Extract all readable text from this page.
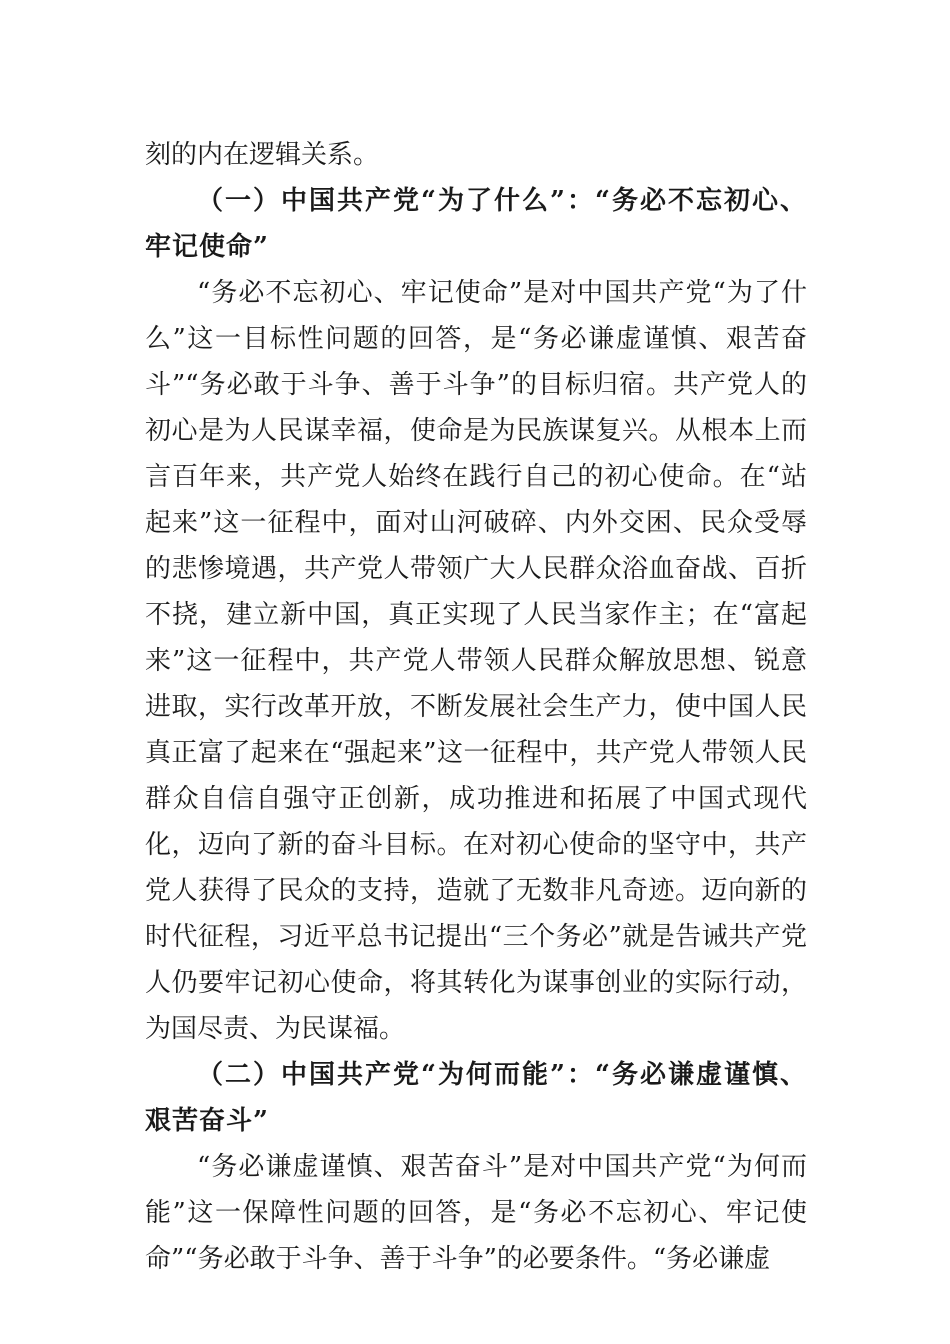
刻的内在逻辑关系。

（一）中国共产党“为了什么”：“务必不忘初心、牢记使命”

“务必不忘初心、牢记使命”是对中国共产党“为了什么”这一目标性问题的回答，是“务必谦虚谨慎、艰苦奋斗”“务必敢于斗争、善于斗争”的目标归宿。共产党人的初心是为人民谋幸福，使命是为民族谋复兴。从根本上而言百年来，共产党人始终在践行自己的初心使命。在“站起来”这一征程中，面对山河破碎、内外交困、民众受辱的悲惨境遇，共产党人带领广大人民群众浴血奋战、百折不挠，建立新中国，真正实现了人民当家作主；在“富起来”这一征程中，共产党人带领人民群众解放思想、锐意进取，实行改革开放，不断发展社会生产力，使中国人民真正富了起来在“强起来”这一征程中，共产党人带领人民群众自信自强守正创新，成功推进和拓展了中国式现代化，迈向了新的奋斗目标。在对初心使命的坚守中，共产党人获得了民众的支持，造就了无数非凡奇迹。迈向新的时代征程，习近平总书记提出“三个务必”就是告诫共产党人仍要牢记初心使命，将其转化为谋事创业的实际行动，为国尽责、为民谋福。

（二）中国共产党“为何而能”：“务必谦虚谨慎、艰苦奋斗”

“务必谦虚谨慎、艰苦奋斗”是对中国共产党“为何而能”这一保障性问题的回答，是“务必不忘初心、牢记使命”“务必敢于斗争、善于斗争”的必要条件。“务必谦虚
